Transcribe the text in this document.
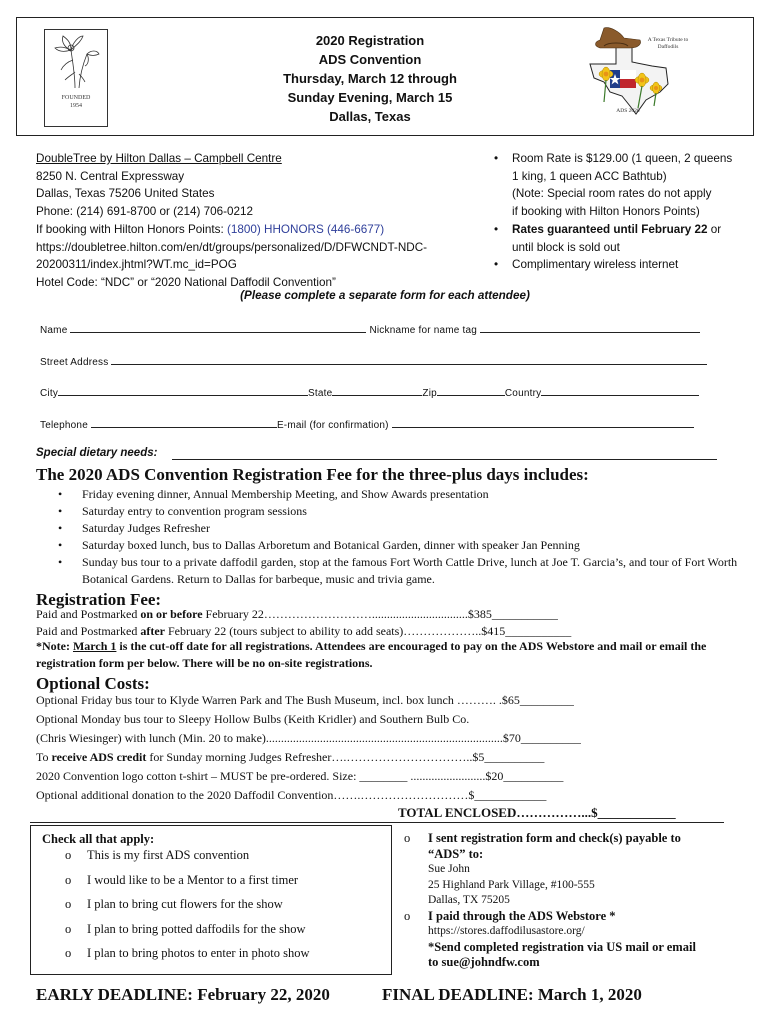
FOUNDED
1954
2020 Registration
ADS Convention
Thursday, March 12 through
Sunday Evening, March 15
Dallas, Texas
A Texas Tribute to Daffodils
ADS 2020
DoubleTree by Hilton Dallas – Campbell Centre
8250 N. Central Expressway
Dallas, Texas 75206 United States
Phone: (214) 691-8700 or (214) 706-0212
If booking with Hilton Honors Points: (1800) HHONORS (446-6677)
https://doubletree.hilton.com/en/dt/groups/personalized/D/DFWCNDT-NDC-
20200311/index.jhtml?WT.mc_id=POG
Hotel Code: “NDC” or “2020 National Daffodil Convention”
• Room Rate is $129.00 (1 queen, 2 queens
1 king, 1 queen ACC Bathtub)
(Note: Special room rates do not apply
if booking with Hilton Honors Points)
• Rates guaranteed until February 22 or
until block is sold out
• Complimentary wireless internet
(Please complete a separate form for each attendee)
Name	Nickname for name tag
Street Address
City	State	Zip	Country
Telephone	E-mail (for confirmation)
Special dietary needs:
The 2020 ADS Convention Registration Fee for the three-plus days includes:
• Friday evening dinner, Annual Membership Meeting, and Show Awards presentation
• Saturday entry to convention program sessions
• Saturday Judges Refresher
• Saturday boxed lunch, bus to Dallas Arboretum and Botanical Garden, dinner with speaker Jan Penning
• Sunday bus tour to a private daffodil garden, stop at the famous Fort Worth Cattle Drive, lunch at Joe T. Garcia’s, and tour of Fort Worth Botanical Gardens. Return to Dallas for barbeque, music and trivia game.
Registration Fee:
Paid and Postmarked on or before February 22………………………................................$385___________
Paid and Postmarked after February 22 (tours subject to ability to add seats)………………..$415___________
*Note: March 1 is the cut-off date for all registrations. Attendees are encouraged to pay on the ADS Webstore and mail or email the registration form per below. There will be no on-site registrations.
Optional Costs:
Optional Friday bus tour to Klyde Warren Park and The Bush Museum, incl. box lunch ………. .$65_________
Optional Monday bus tour to Sleepy Hollow Bulbs (Keith Kridler) and Southern Bulb Co.
(Chris Wiesinger) with lunch (Min. 20 to make)...............................................................................$70__________
To receive ADS credit for Sunday morning Judges Refresher….…………………………..$5__________
2020 Convention logo cotton t-shirt – MUST be pre-ordered. Size: ________ .........................$20__________
Optional additional donation to the 2020 Daffodil Convention…….………………………$____________
TOTAL ENCLOSED……………...$____________
Check all that apply:
o This is my first ADS convention
o I would like to be a Mentor to a first timer
o I plan to bring cut flowers for the show
o I plan to bring potted daffodils for the show
o I plan to bring photos to enter in photo show
o I sent registration form and check(s) payable to
“ADS” to:
Sue John
25 Highland Park Village, #100-555
Dallas, TX 75205
o I paid through the ADS Webstore *
https://stores.daffodilusastore.org/
*Send completed registration via US mail or email
to sue@johndfw.com
EARLY DEADLINE: February 22, 2020	FINAL DEADLINE: March 1, 2020
